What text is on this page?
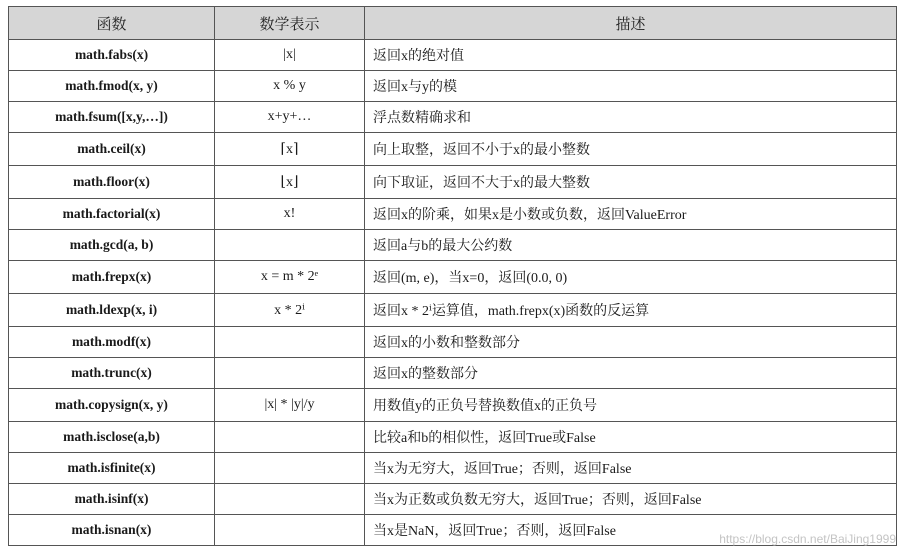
函数	数学表示	描述
math.fabs(x)	|x|	返回x的绝对值
math.fmod(x, y)	x % y	返回x与y的模
math.fsum([x,y,…])	x+y+…	浮点数精确求和
math.ceil(x)	⌈x⌉	向上取整，返回不小于x的最小整数
math.floor(x)	⌊x⌋	向下取证，返回不大于x的最大整数
math.factorial(x)	x!	返回x的阶乘，如果x是小数或负数，返回ValueError
math.gcd(a, b)		返回a与b的最大公约数
math.frepx(x)	x = m * 2ᵉ	返回(m, e)，当x=0，返回(0.0, 0)
math.ldexp(x, i)	x * 2ⁱ	返回x * 2ⁱ运算值，math.frepx(x)函数的反运算
math.modf(x)		返回x的小数和整数部分
math.trunc(x)		返回x的整数部分
math.copysign(x, y)	|x| * |y|/y	用数值y的正负号替换数值x的正负号
math.isclose(a,b)		比较a和b的相似性，返回True或False
math.isfinite(x)		当x为无穷大，返回True；否则，返回False
math.isinf(x)		当x为正数或负数无穷大，返回True；否则，返回False
math.isnan(x)		当x是NaN，返回True；否则，返回False	https://blog.csdn.net/BaiJing1999
